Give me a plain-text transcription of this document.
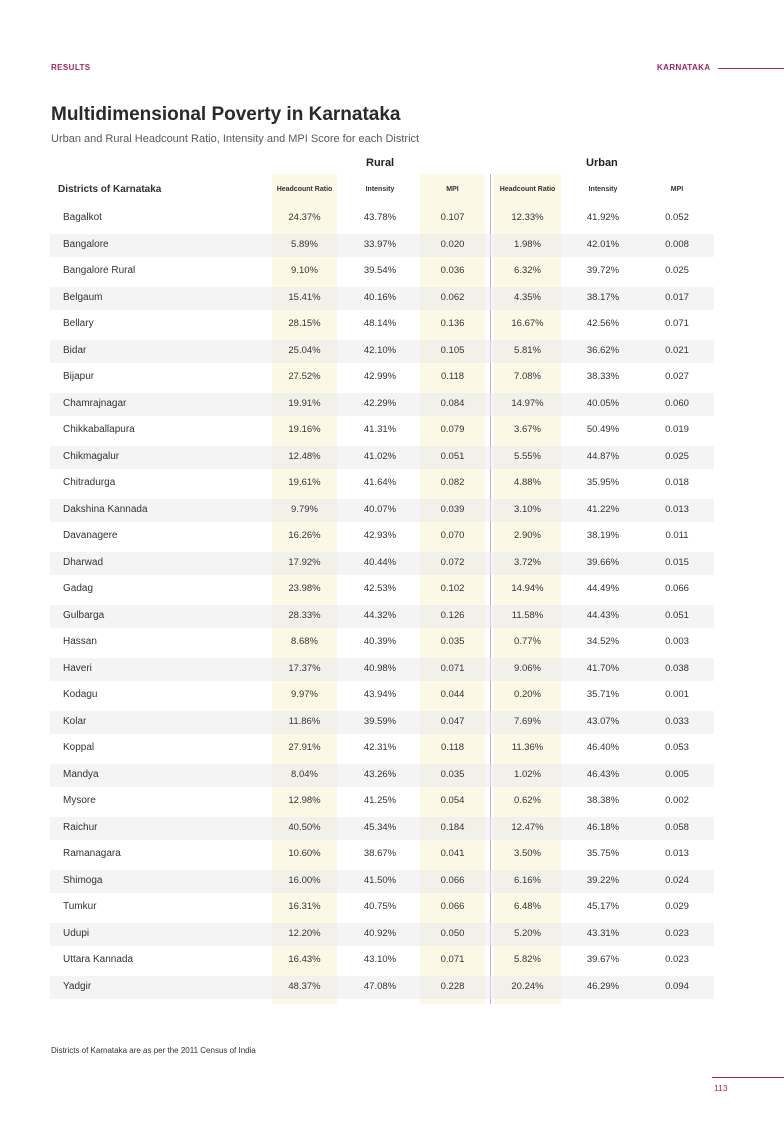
RESULTS	KARNATAKA
Multidimensional Poverty in Karnataka
Urban and Rural Headcount Ratio, Intensity and MPI Score for each District
Rural	Urban
Districts of Karnataka	Headcount Ratio	Intensity	MPI	Headcount Ratio	Intensity	MPI
Bagalkot	24.37%	43.78%	0.107	12.33%	41.92%	0.052
Bangalore	5.89%	33.97%	0.020	1.98%	42.01%	0.008
Bangalore Rural	9.10%	39.54%	0.036	6.32%	39.72%	0.025
Belgaum	15.41%	40.16%	0.062	4.35%	38.17%	0.017
Bellary	28.15%	48.14%	0.136	16.67%	42.56%	0.071
Bidar	25.04%	42.10%	0.105	5.81%	36.62%	0.021
Bijapur	27.52%	42.99%	0.118	7.08%	38.33%	0.027
Chamrajnagar	19.91%	42.29%	0.084	14.97%	40.05%	0.060
Chikkaballapura	19.16%	41.31%	0.079	3.67%	50.49%	0.019
Chikmagalur	12.48%	41.02%	0.051	5.55%	44.87%	0.025
Chitradurga	19.61%	41.64%	0.082	4.88%	35.95%	0.018
Dakshina Kannada	9.79%	40.07%	0.039	3.10%	41.22%	0.013
Davanagere	16.26%	42.93%	0.070	2.90%	38.19%	0.011
Dharwad	17.92%	40.44%	0.072	3.72%	39.66%	0.015
Gadag	23.98%	42.53%	0.102	14.94%	44.49%	0.066
Gulbarga	28.33%	44.32%	0.126	11.58%	44.43%	0.051
Hassan	8.68%	40.39%	0.035	0.77%	34.52%	0.003
Haveri	17.37%	40.98%	0.071	9.06%	41.70%	0.038
Kodagu	9.97%	43.94%	0.044	0.20%	35.71%	0.001
Kolar	11.86%	39.59%	0.047	7.69%	43.07%	0.033
Koppal	27.91%	42.31%	0.118	11.36%	46.40%	0.053
Mandya	8.04%	43.26%	0.035	1.02%	46.43%	0.005
Mysore	12.98%	41.25%	0.054	0.62%	38.38%	0.002
Raichur	40.50%	45.34%	0.184	12.47%	46.18%	0.058
Ramanagara	10.60%	38.67%	0.041	3.50%	35.75%	0.013
Shimoga	16.00%	41.50%	0.066	6.16%	39.22%	0.024
Tumkur	16.31%	40.75%	0.066	6.48%	45.17%	0.029
Udupi	12.20%	40.92%	0.050	5.20%	43.31%	0.023
Uttara Kannada	16.43%	43.10%	0.071	5.82%	39.67%	0.023
Yadgir	48.37%	47.08%	0.228	20.24%	46.29%	0.094
Districts of Karnataka are as per the 2011 Census of India
113
